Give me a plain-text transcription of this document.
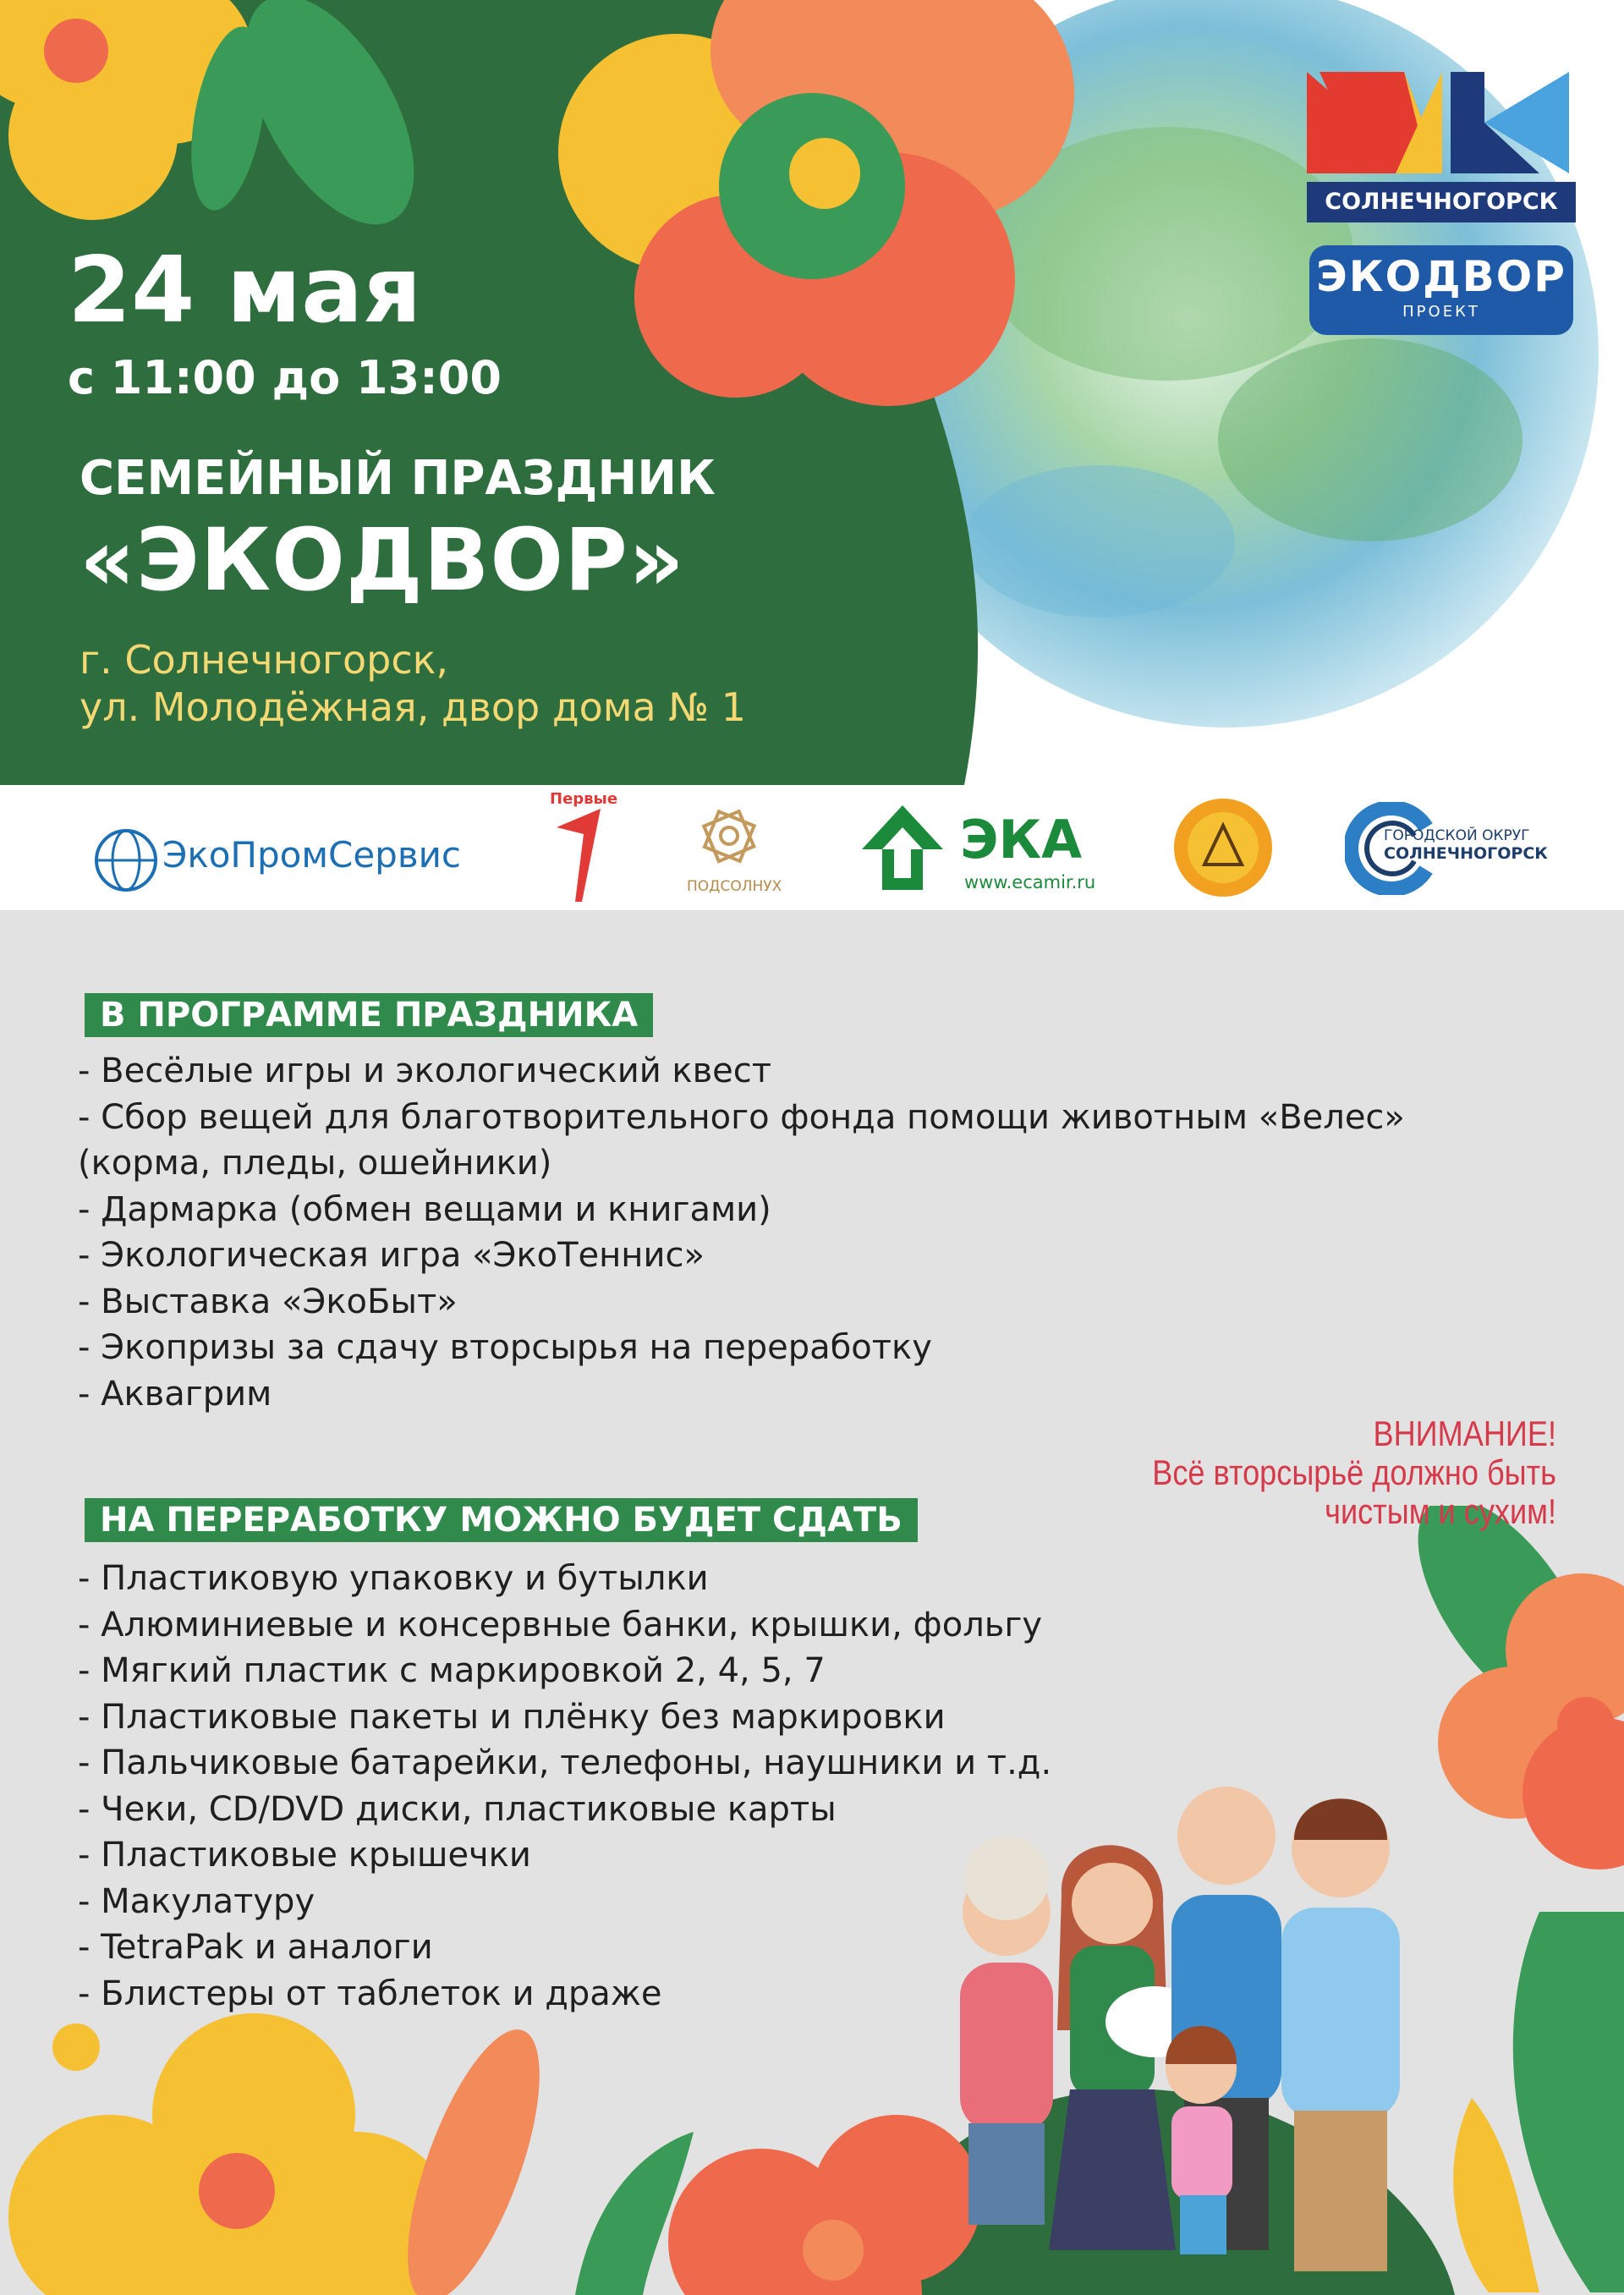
24 мая
с 11:00 до 13:00
СЕМЕЙНЫЙ ПРАЗДНИК
«ЭКОДВОР»
г. Солнечногорск,
ул. Молодёжная, двор дома № 1
СОЛНЕЧНОГОРСК
ЭКОДВОР
ПРОЕКТ
ЭкоПромСервис
Первые
ПОДСОЛНУХ
ЭКА
www.ecamir.ru
ГОРОДСКОЙ ОКРУГ
СОЛНЕЧНОГОРСК
В ПРОГРАММЕ ПРАЗДНИКА
- Весёлые игры и экологический квест
- Сбор вещей для благотворительного фонда помощи животным «Велес»
(корма, пледы, ошейники)
- Дармарка (обмен вещами и книгами)
- Экологическая игра «ЭкоТеннис»
- Выставка «ЭкоБыт»
- Экопризы за сдачу вторсырья на переработку
- Аквагрим
ВНИМАНИЕ!
Всё вторсырьё должно быть
чистым и сухим!
НА ПЕРЕРАБОТКУ МОЖНО БУДЕТ СДАТЬ
- Пластиковую упаковку и бутылки
- Алюминиевые и консервные банки, крышки, фольгу
- Мягкий пластик с маркировкой 2, 4, 5, 7
- Пластиковые пакеты и плёнку без маркировки
- Пальчиковые батарейки, телефоны, наушники и т.д.
- Чеки, CD/DVD диски, пластиковые карты
- Пластиковые крышечки
- Макулатуру
- TetraPak и аналоги
- Блистеры от таблеток и драже
